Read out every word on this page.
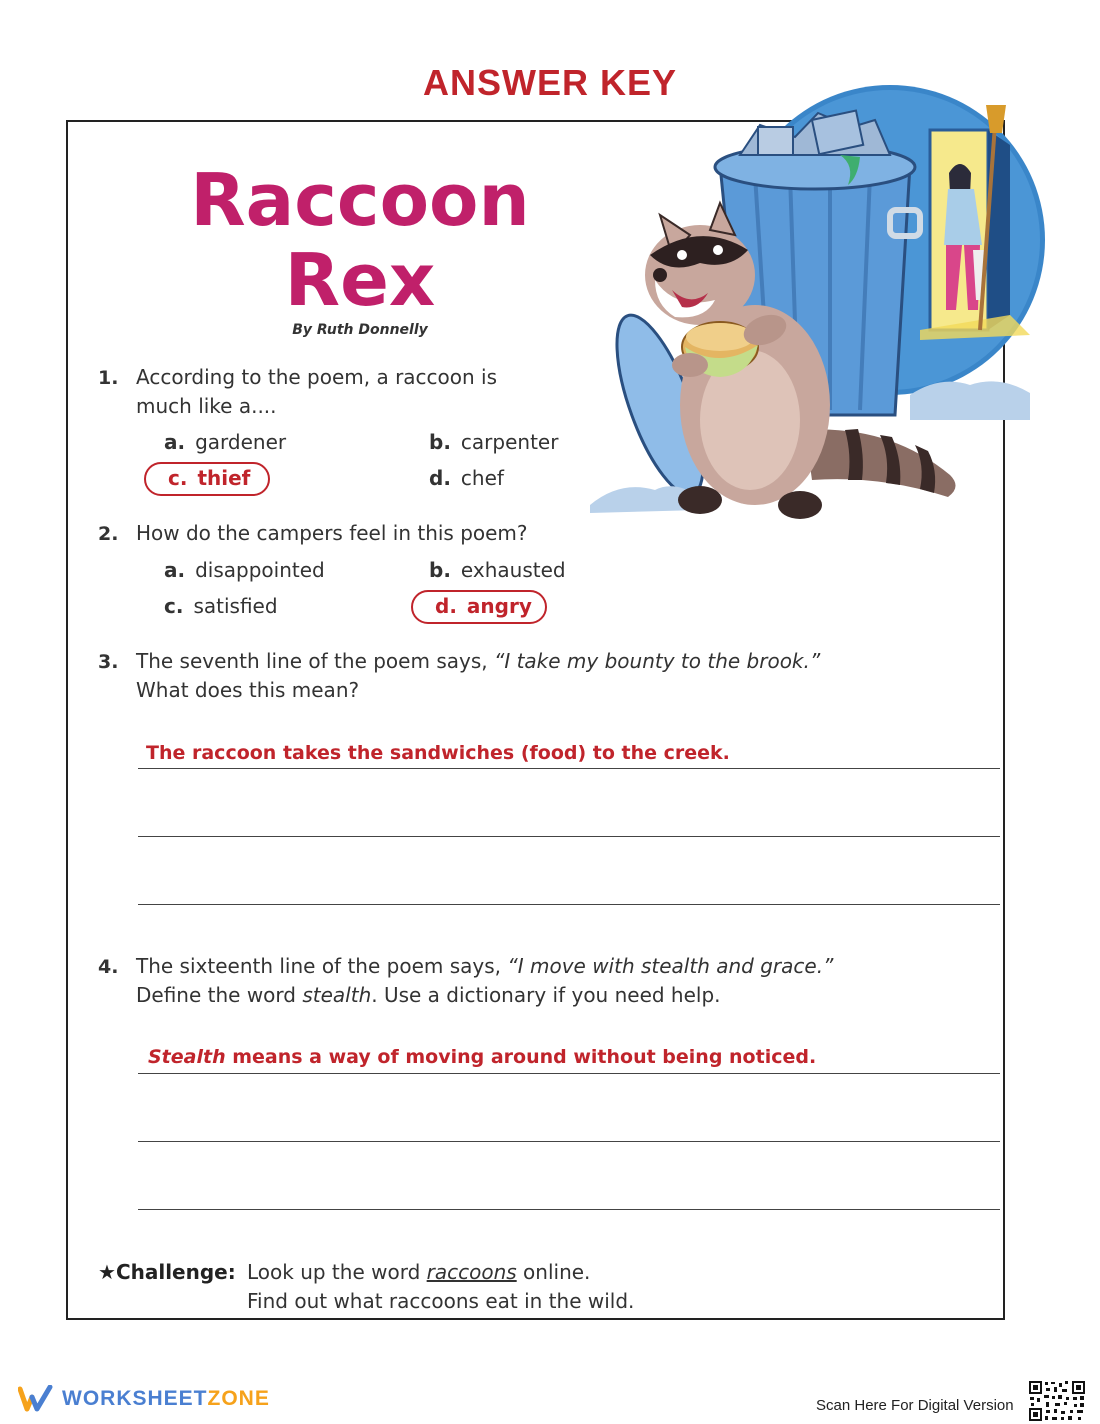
ANSWER KEY
Raccoon
Rex
By Ruth Donnelly
1. According to the poem, a raccoon is
much like a....
a. gardener	b. carpenter
c. thief	d. chef
2. How do the campers feel in this poem?
a. disappointed	b. exhausted
c. satisfied	d. angry
3. The seventh line of the poem says, “I take my bounty to the brook.”
What does this mean?
The raccoon takes the sandwiches (food) to the creek.
4. The sixteenth line of the poem says, “I move with stealth and grace.”
Define the word stealth. Use a dictionary if you need help.
Stealth means a way of moving around without being noticed.
★Challenge: Look up the word raccoons online.
Find out what raccoons eat in the wild.
WORKSHEETZONE	Scan Here For Digital Version
